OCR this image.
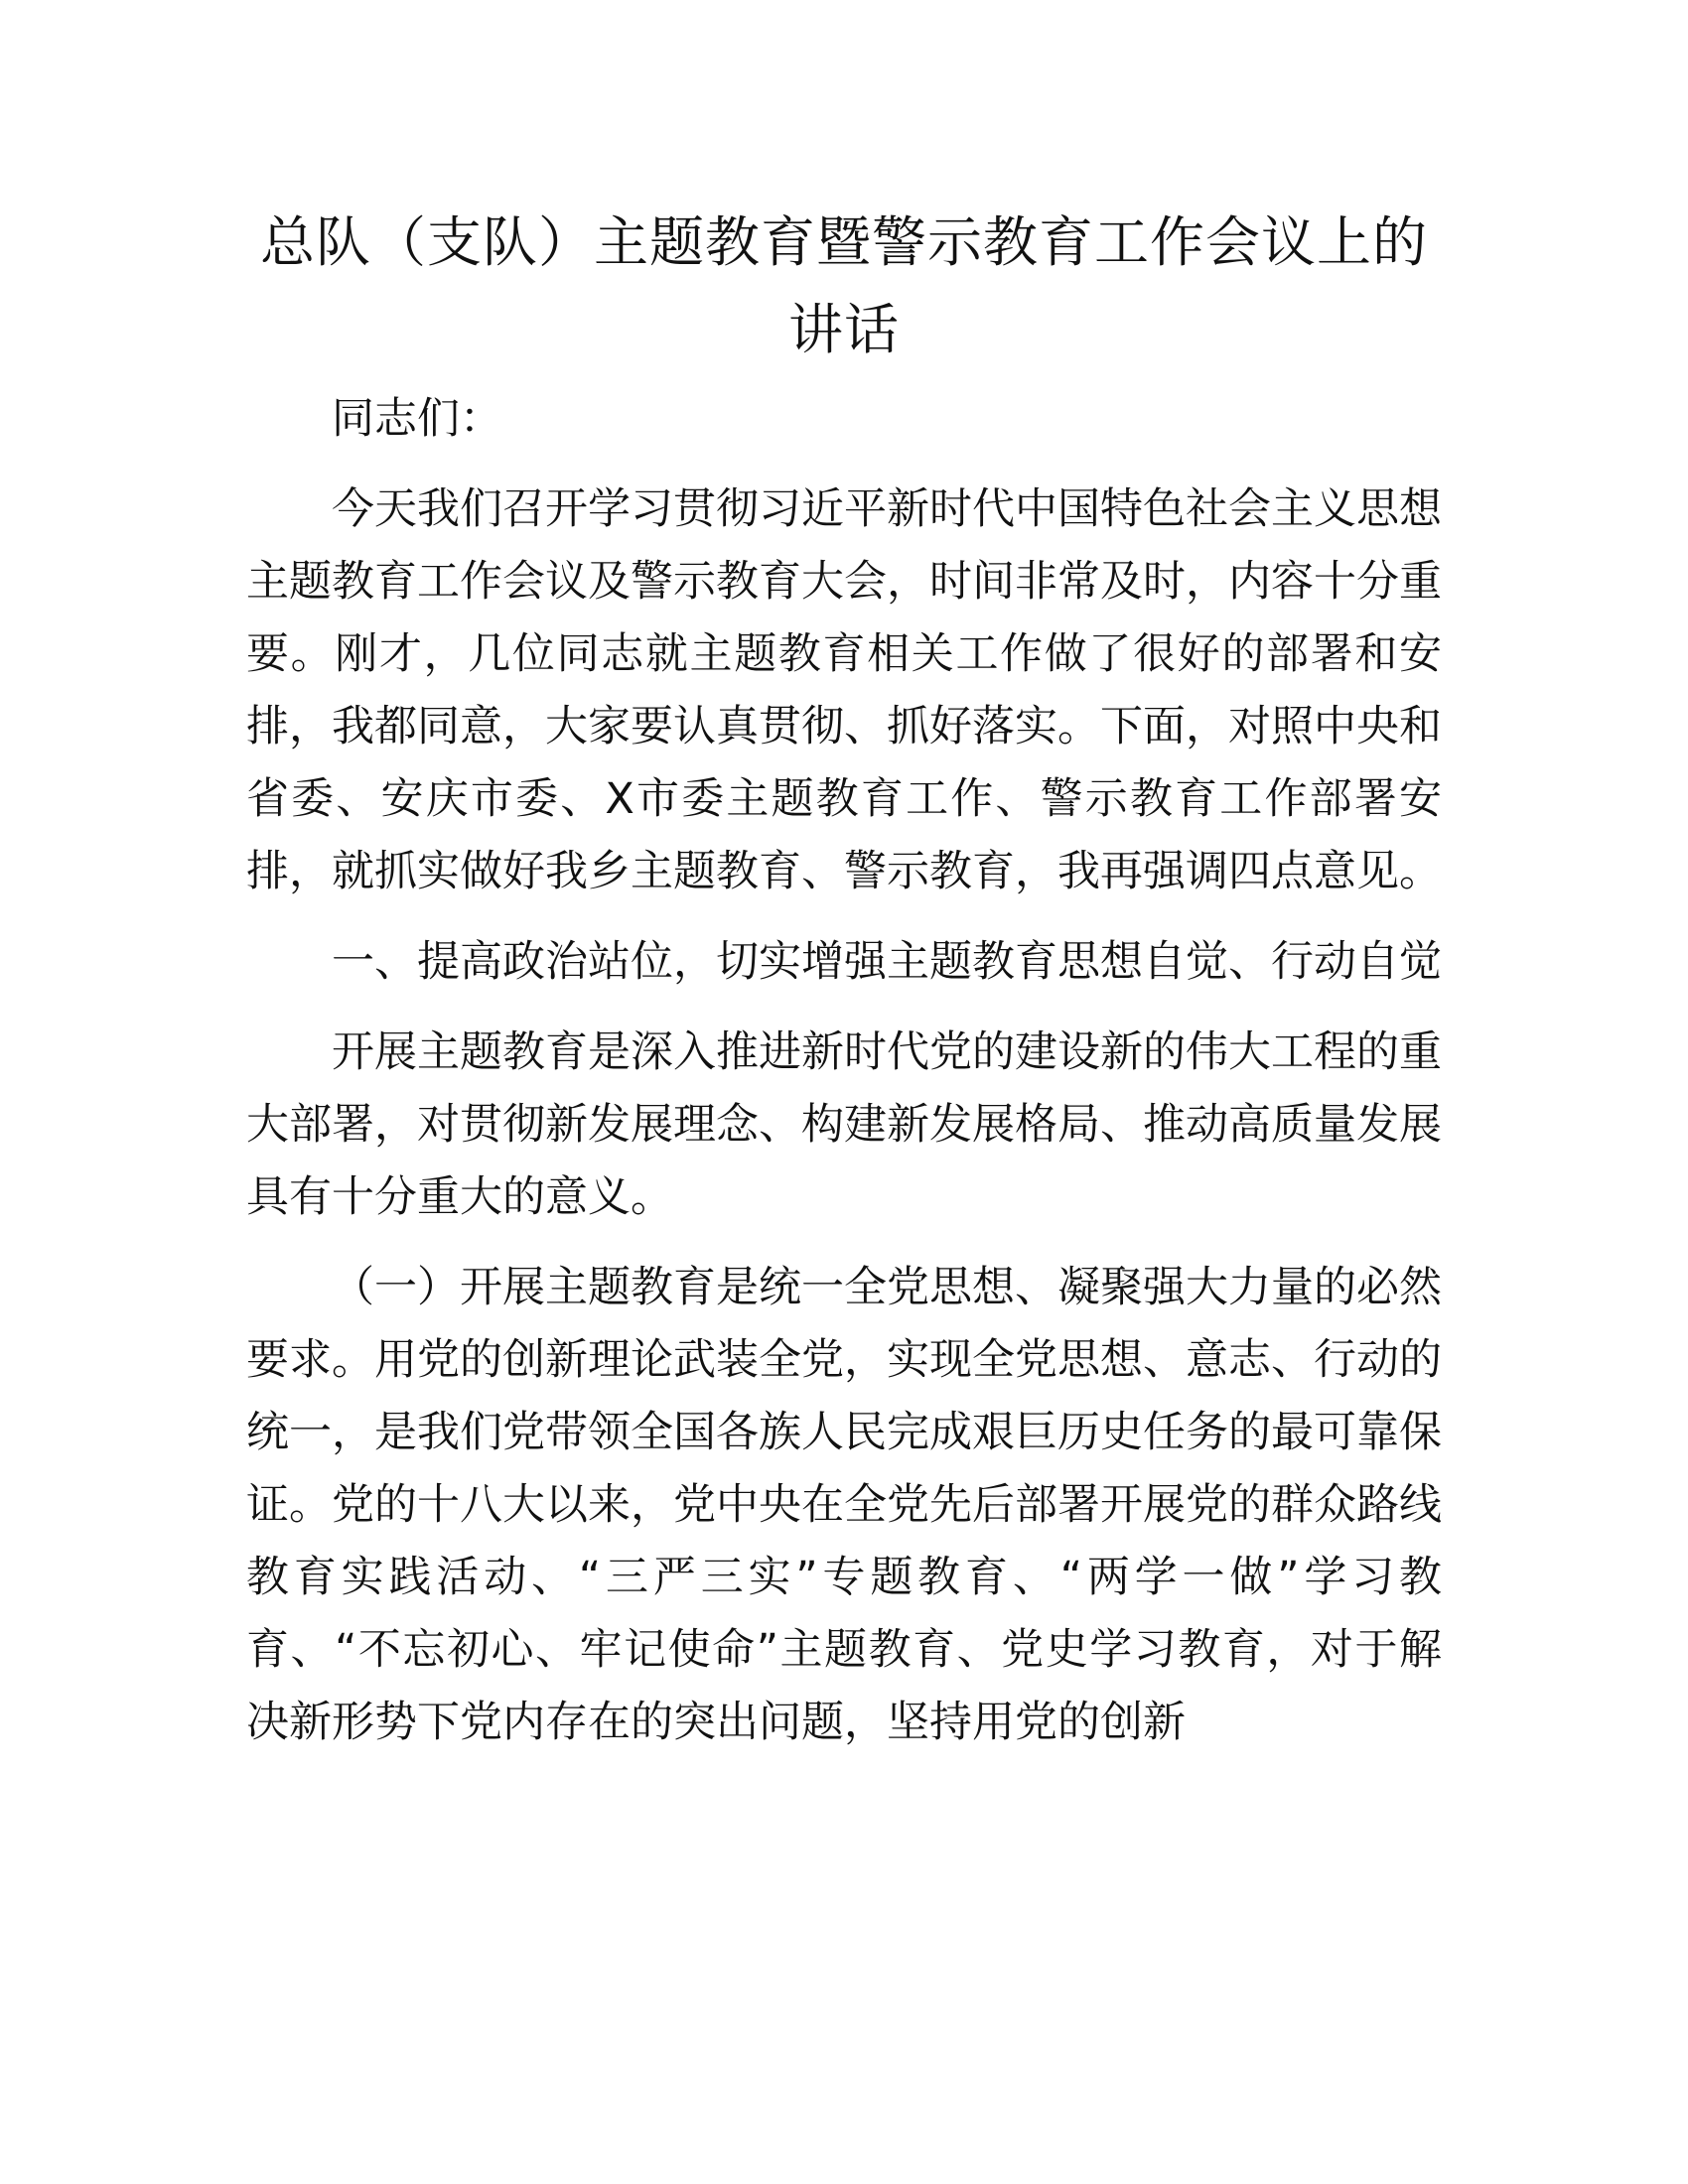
总队（支队）主题教育暨警示教育工作会议上的讲话

同志们：

今天我们召开学习贯彻习近平新时代中国特色社会主义思想主题教育工作会议及警示教育大会，时间非常及时，内容十分重要。刚才，几位同志就主题教育相关工作做了很好的部署和安排，我都同意，大家要认真贯彻、抓好落实。下面，对照中央和省委、安庆市委、X市委主题教育工作、警示教育工作部署安排，就抓实做好我乡主题教育、警示教育，我再强调四点意见。

一、提高政治站位，切实增强主题教育思想自觉、行动自觉

开展主题教育是深入推进新时代党的建设新的伟大工程的重大部署，对贯彻新发展理念、构建新发展格局、推动高质量发展具有十分重大的意义。

（一）开展主题教育是统一全党思想、凝聚强大力量的必然要求。用党的创新理论武装全党，实现全党思想、意志、行动的统一，是我们党带领全国各族人民完成艰巨历史任务的最可靠保证。党的十八大以来，党中央在全党先后部署开展党的群众路线教育实践活动、“三严三实”专题教育、“两学一做”学习教育、“不忘初心、牢记使命”主题教育、党史学习教育，对于解决新形势下党内存在的突出问题，坚持用党的创新
